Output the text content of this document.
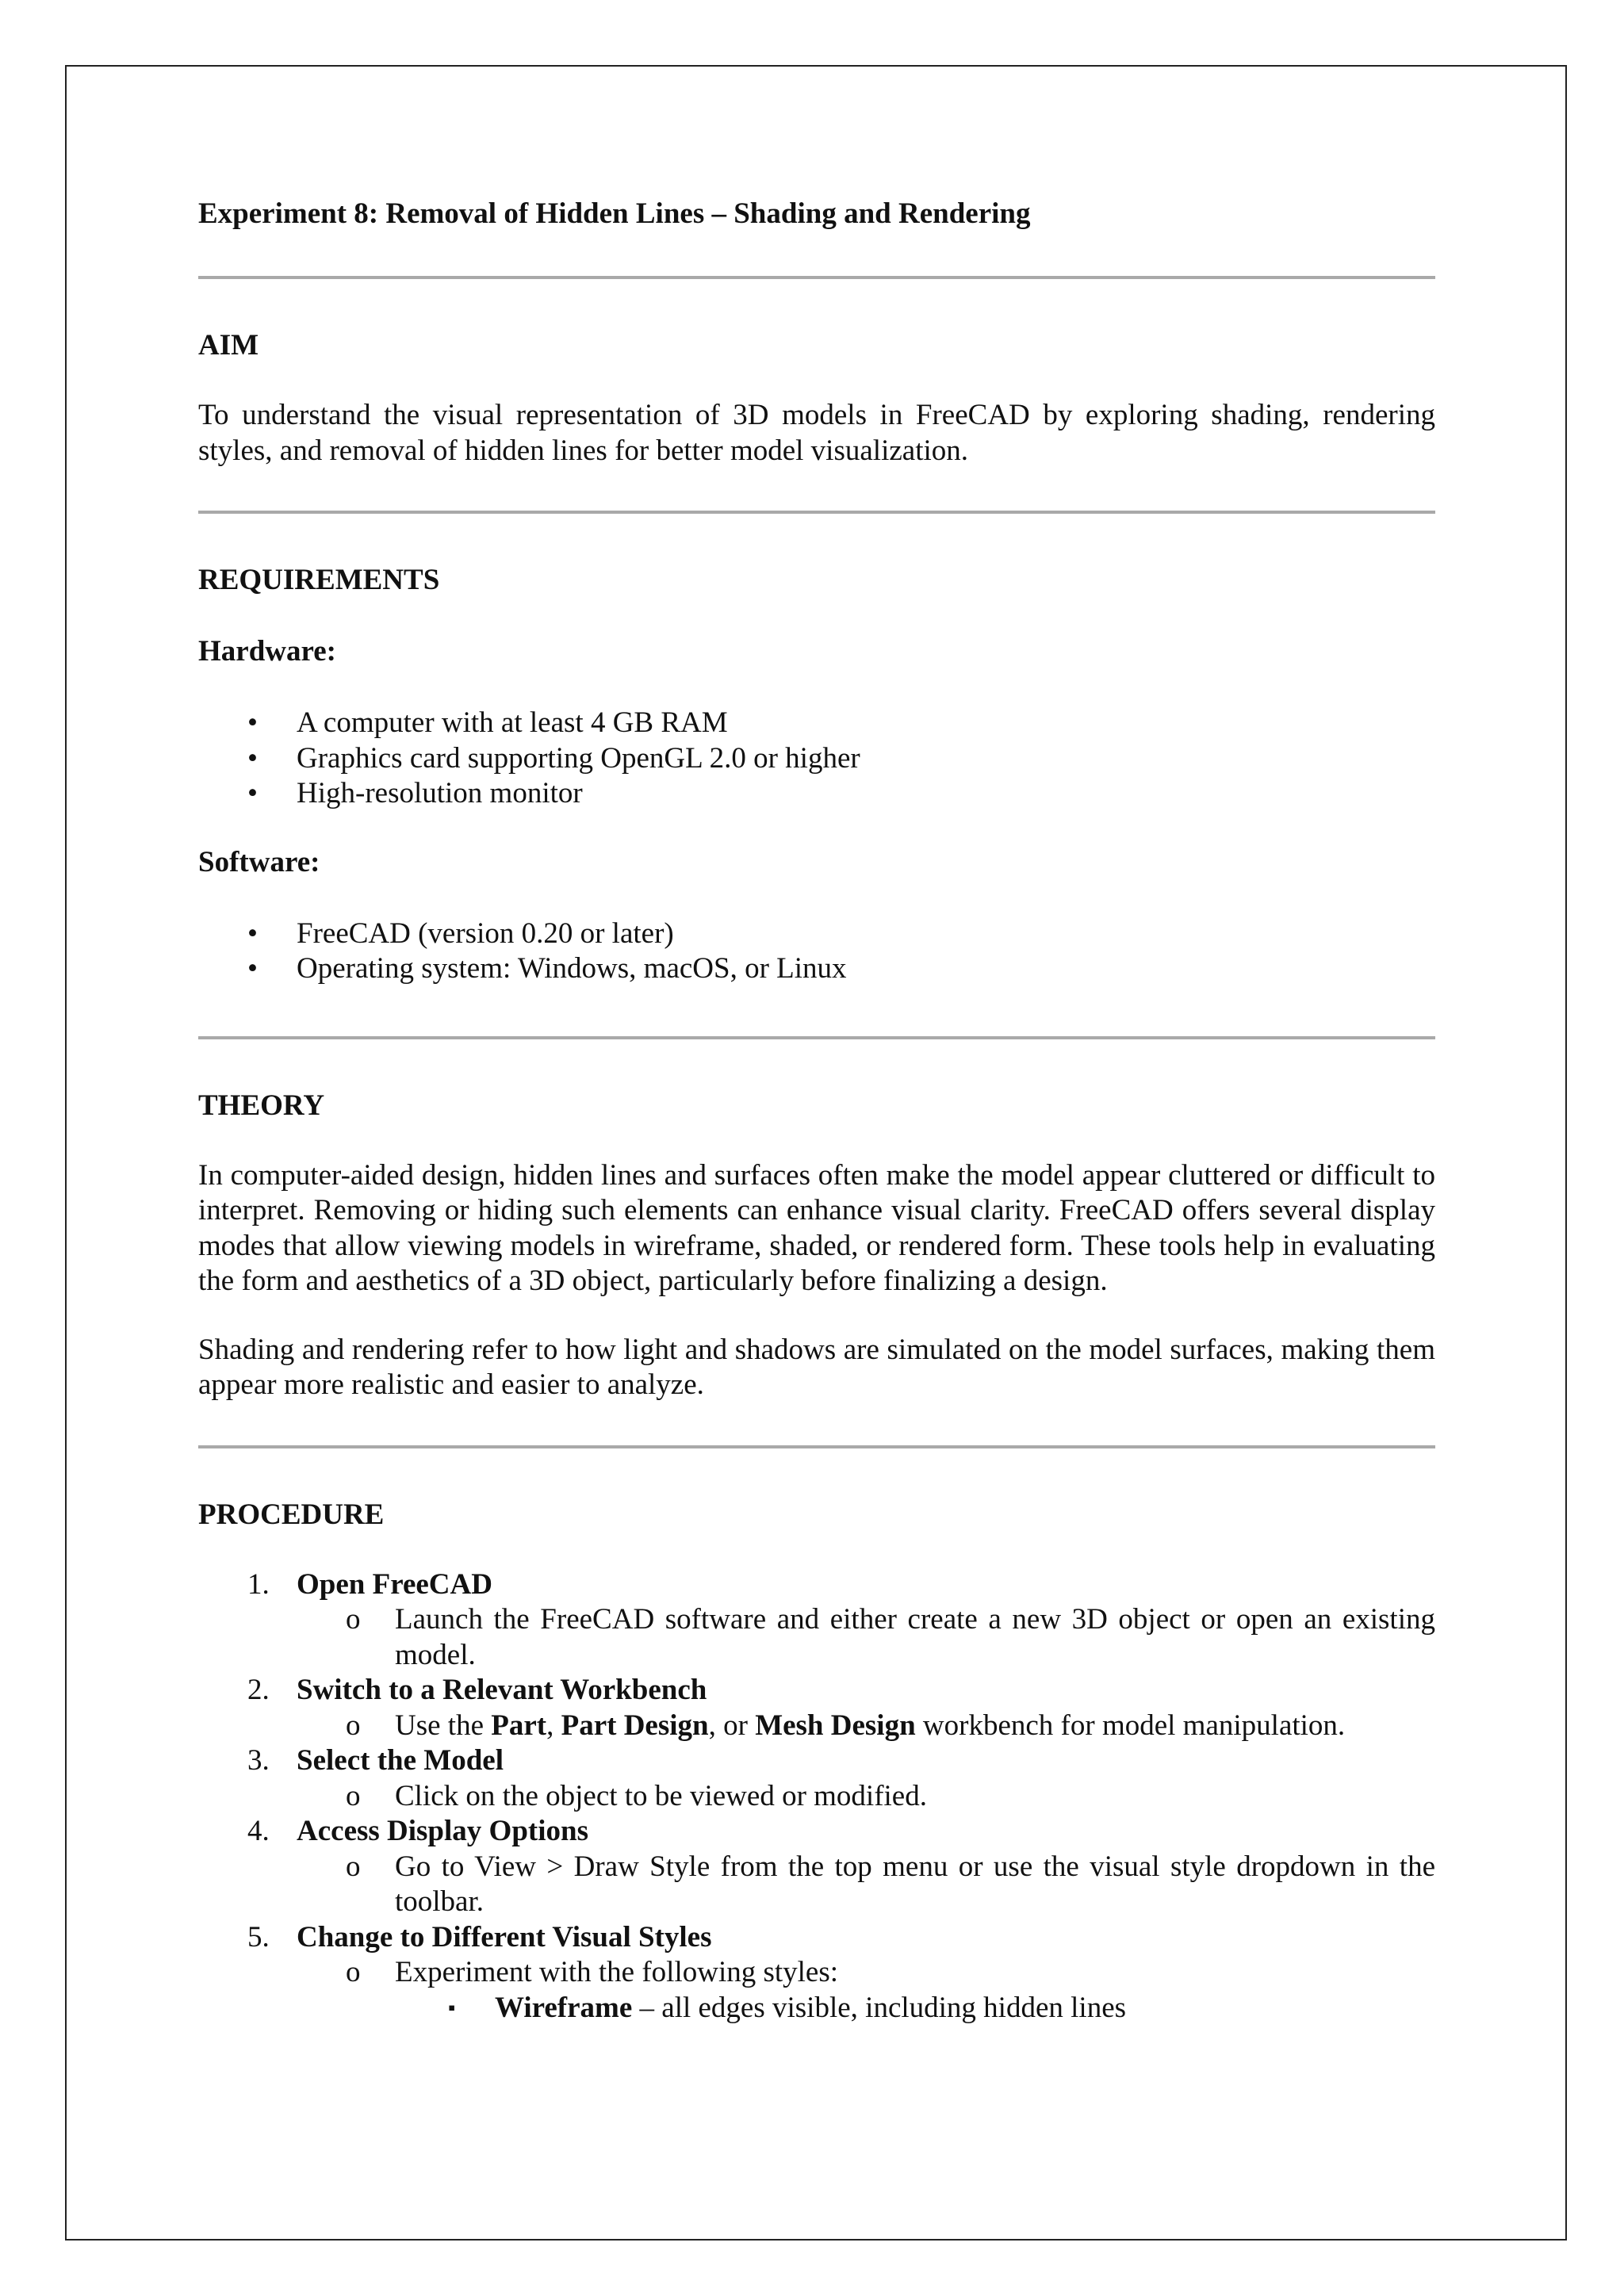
Experiment 8: Removal of Hidden Lines – Shading and Rendering
AIM

To understand the visual representation of 3D models in FreeCAD by exploring shading, rendering styles, and removal of hidden lines for better model visualization.

REQUIREMENTS
Hardware:
• A computer with at least 4 GB RAM
• Graphics card supporting OpenGL 2.0 or higher
• High-resolution monitor
Software:
• FreeCAD (version 0.20 or later)
• Operating system: Windows, macOS, or Linux
THEORY

In computer-aided design, hidden lines and surfaces often make the model appear cluttered or difficult to interpret. Removing or hiding such elements can enhance visual clarity. FreeCAD offers several display modes that allow viewing models in wireframe, shaded, or rendered form. These tools help in evaluating the form and aesthetics of a 3D object, particularly before finalizing a design.

Shading and rendering refer to how light and shadows are simulated on the model surfaces, making them appear more realistic and easier to analyze.

PROCEDURE
1. Open FreeCAD
o Launch the FreeCAD software and either create a new 3D object or open an existing model.
2. Switch to a Relevant Workbench
o Use the Part, Part Design, or Mesh Design workbench for model manipulation.
3. Select the Model
o Click on the object to be viewed or modified.
4. Access Display Options
o Go to View > Draw Style from the top menu or use the visual style dropdown in the toolbar.
5. Change to Different Visual Styles
o Experiment with the following styles:
▪ Wireframe – all edges visible, including hidden lines
